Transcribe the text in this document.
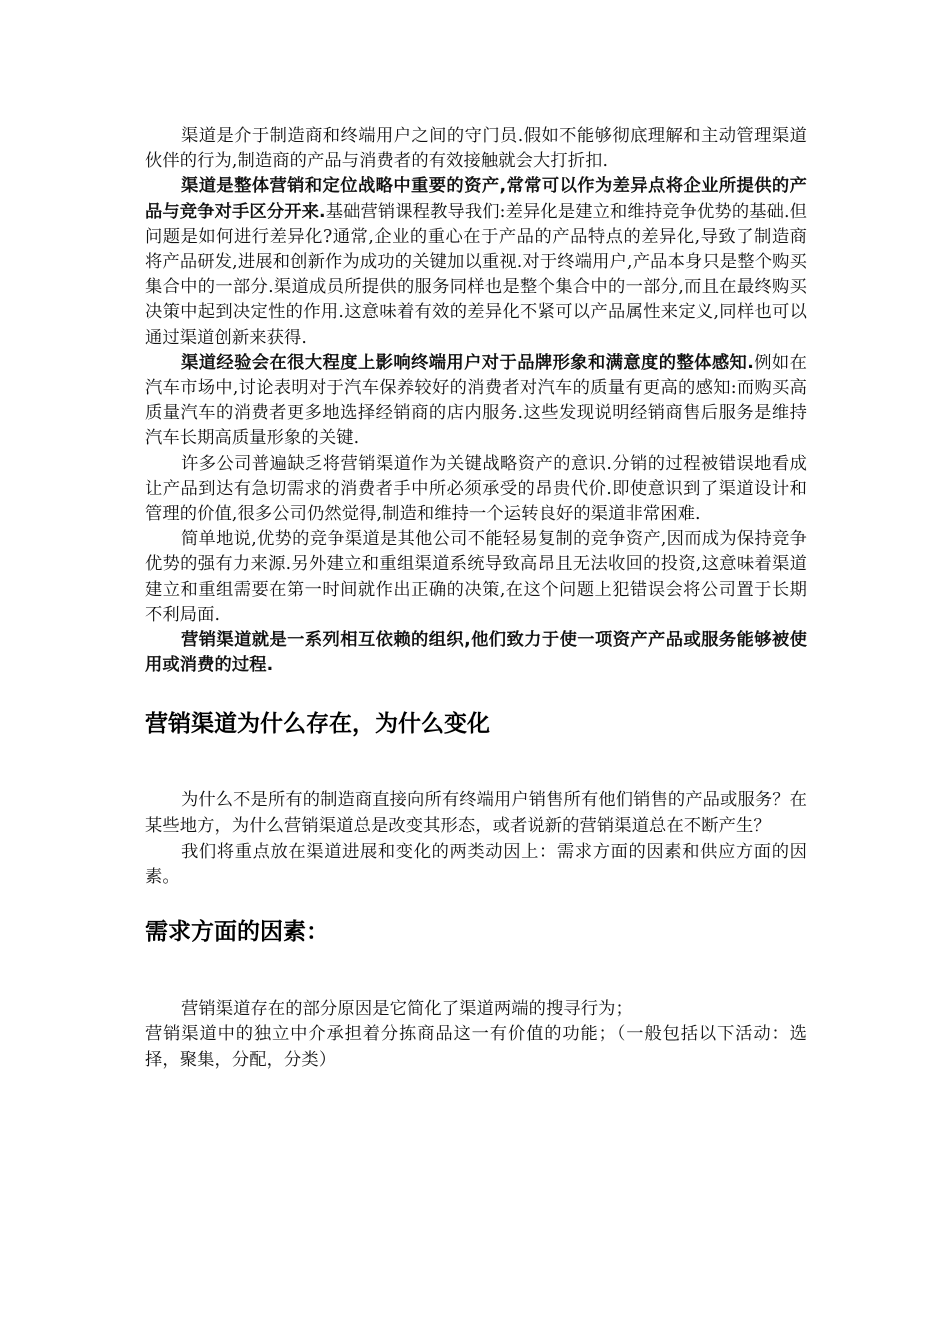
渠道是介于制造商和终端用户之间的守门员.假如不能够彻底理解和主动管理渠道伙伴的行为,制造商的产品与消费者的有效接触就会大打折扣.

渠道是整体营销和定位战略中重要的资产,常常可以作为差异点将企业所提供的产品与竞争对手区分开来.基础营销课程教导我们:差异化是建立和维持竞争优势的基础.但问题是如何进行差异化?通常,企业的重心在于产品的产品特点的差异化,导致了制造商将产品研发,进展和创新作为成功的关键加以重视.对于终端用户,产品本身只是整个购买集合中的一部分.渠道成员所提供的服务同样也是整个集合中的一部分,而且在最终购买决策中起到决定性的作用.这意味着有效的差异化不紧可以产品属性来定义,同样也可以通过渠道创新来获得.

渠道经验会在很大程度上影响终端用户对于品牌形象和满意度的整体感知.例如在汽车市场中,讨论表明对于汽车保养较好的消费者对汽车的质量有更高的感知:而购买高质量汽车的消费者更多地选择经销商的店内服务.这些发现说明经销商售后服务是维持汽车长期高质量形象的关键.

许多公司普遍缺乏将营销渠道作为关键战略资产的意识.分销的过程被错误地看成让产品到达有急切需求的消费者手中所必须承受的昂贵代价.即使意识到了渠道设计和管理的价值,很多公司仍然觉得,制造和维持一个运转良好的渠道非常困难.

简单地说,优势的竞争渠道是其他公司不能轻易复制的竞争资产,因而成为保持竞争优势的强有力来源.另外建立和重组渠道系统导致高昂且无法收回的投资,这意味着渠道建立和重组需要在第一时间就作出正确的决策,在这个问题上犯错误会将公司置于长期不利局面.

营销渠道就是一系列相互依赖的组织,他们致力于使一项资产产品或服务能够被使用或消费的过程.

营销渠道为什么存在，为什么变化

为什么不是所有的制造商直接向所有终端用户销售所有他们销售的产品或服务？在某些地方，为什么营销渠道总是改变其形态，或者说新的营销渠道总在不断产生？

我们将重点放在渠道进展和变化的两类动因上：需求方面的因素和供应方面的因素。

需求方面的因素：

营销渠道存在的部分原因是它简化了渠道两端的搜寻行为；

营销渠道中的独立中介承担着分拣商品这一有价值的功能；（一般包括以下活动：选择，聚集，分配，分类）
